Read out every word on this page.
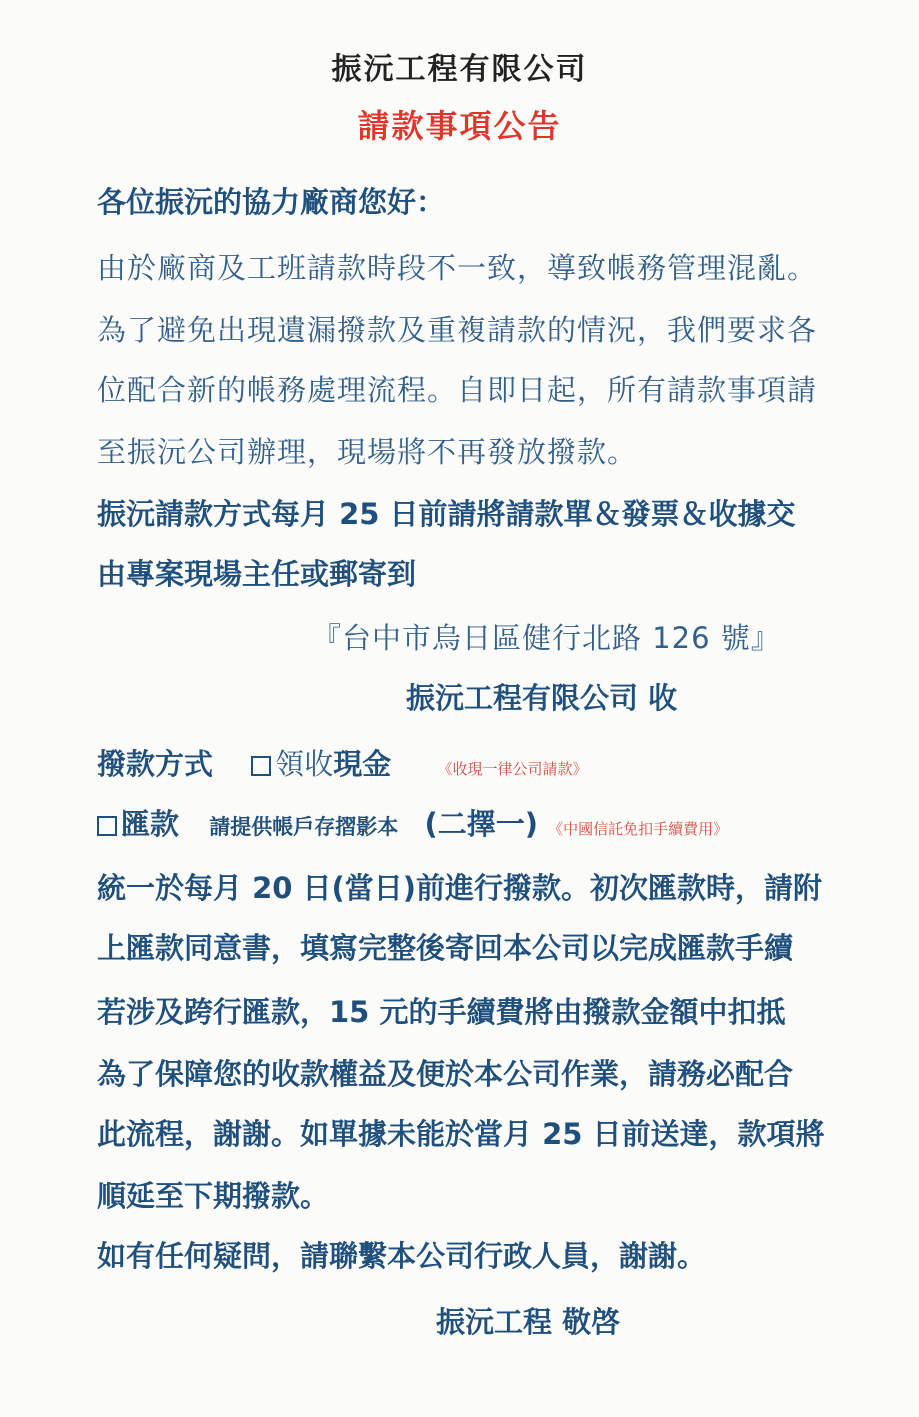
振沅工程有限公司
請款事項公告
各位振沅的協力廠商您好：
由於廠商及工班請款時段不一致，導致帳務管理混亂。
為了避免出現遺漏撥款及重複請款的情況，我們要求各
位配合新的帳務處理流程。自即日起，所有請款事項請
至振沅公司辦理，現場將不再發放撥款。
振沅請款方式每月 25 日前請將請款單＆發票＆收據交
由專案現場主任或郵寄到
『台中市烏日區健行北路 126 號』
振沅工程有限公司 收
撥款方式 領收現金	《收現一律公司請款》
匯款 請提供帳戶存摺影本 (二擇一) 《中國信託免扣手續費用》
統一於每月 20 日(當日)前進行撥款。初次匯款時，請附
上匯款同意書，填寫完整後寄回本公司以完成匯款手續
若涉及跨行匯款，15 元的手續費將由撥款金額中扣抵
為了保障您的收款權益及便於本公司作業，請務必配合
此流程，謝謝。如單據未能於當月 25 日前送達，款項將
順延至下期撥款。
如有任何疑問，請聯繫本公司行政人員，謝謝。
振沅工程 敬啓
